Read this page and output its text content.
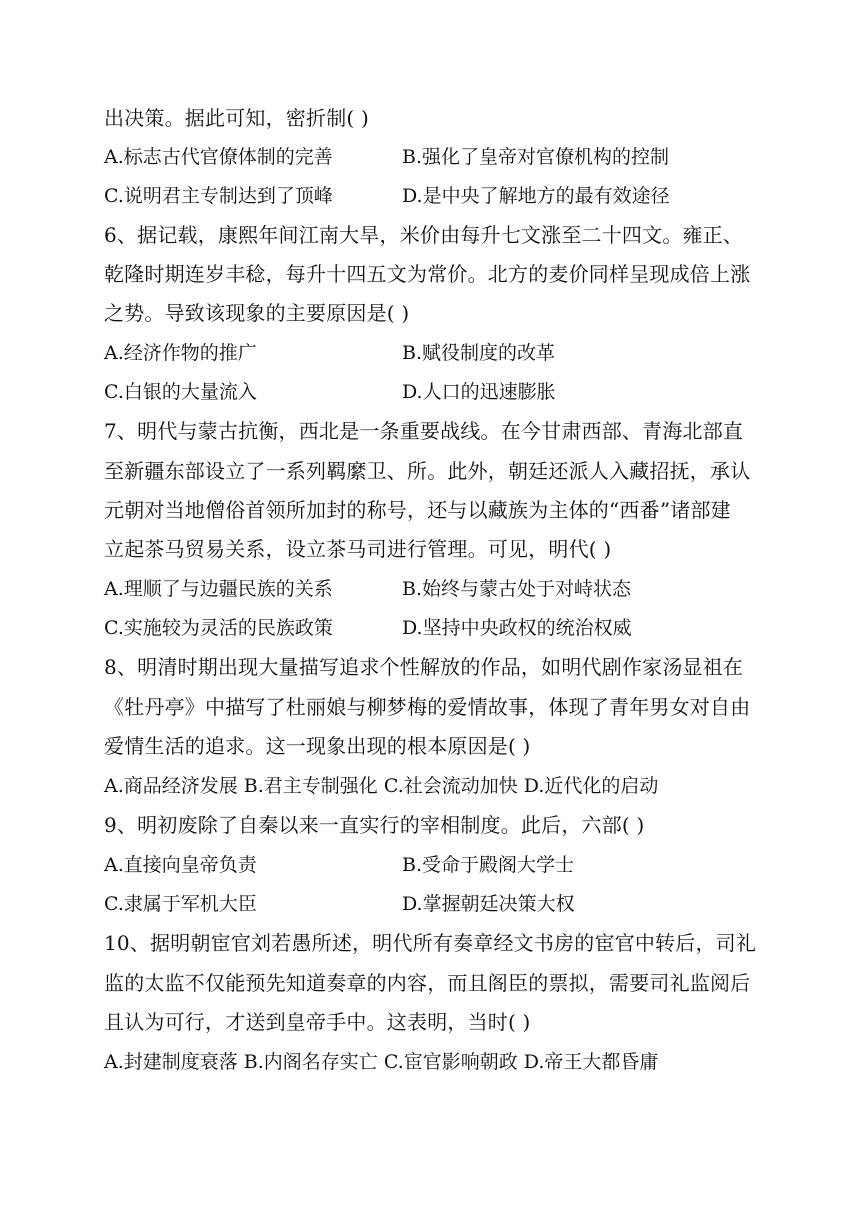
出决策。据此可知，密折制( )
A.标志古代官僚体制的完善	B.强化了皇帝对官僚机构的控制
C.说明君主专制达到了顶峰	D.是中央了解地方的最有效途径
6、据记载，康熙年间江南大旱，米价由每升七文涨至二十四文。雍正、
乾隆时期连岁丰稔，每升十四五文为常价。北方的麦价同样呈现成倍上涨
之势。导致该现象的主要原因是( )
A.经济作物的推广	B.赋役制度的改革
C.白银的大量流入	D.人口的迅速膨胀
7、明代与蒙古抗衡，西北是一条重要战线。在今甘肃西部、青海北部直
至新疆东部设立了一系列羁縻卫、所。此外，朝廷还派人入藏招抚，承认
元朝对当地僧俗首领所加封的称号，还与以藏族为主体的“西番”诸部建
立起茶马贸易关系，设立茶马司进行管理。可见，明代( )
A.理顺了与边疆民族的关系	B.始终与蒙古处于对峙状态
C.实施较为灵活的民族政策	D.坚持中央政权的统治权威
8、明清时期出现大量描写追求个性解放的作品，如明代剧作家汤显祖在
《牡丹亭》中描写了杜丽娘与柳梦梅的爱情故事，体现了青年男女对自由
爱情生活的追求。这一现象出现的根本原因是( )
A.商品经济发展 B.君主专制强化 C.社会流动加快 D.近代化的启动
9、明初废除了自秦以来一直实行的宰相制度。此后，六部( )
A.直接向皇帝负责	B.受命于殿阁大学士
C.隶属于军机大臣	D.掌握朝廷决策大权
10、据明朝宦官刘若愚所述，明代所有奏章经文书房的宦官中转后，司礼
监的太监不仅能预先知道奏章的内容，而且阁臣的票拟，需要司礼监阅后
且认为可行，才送到皇帝手中。这表明，当时( )
A.封建制度衰落 B.内阁名存实亡 C.宦官影响朝政 D.帝王大都昏庸
